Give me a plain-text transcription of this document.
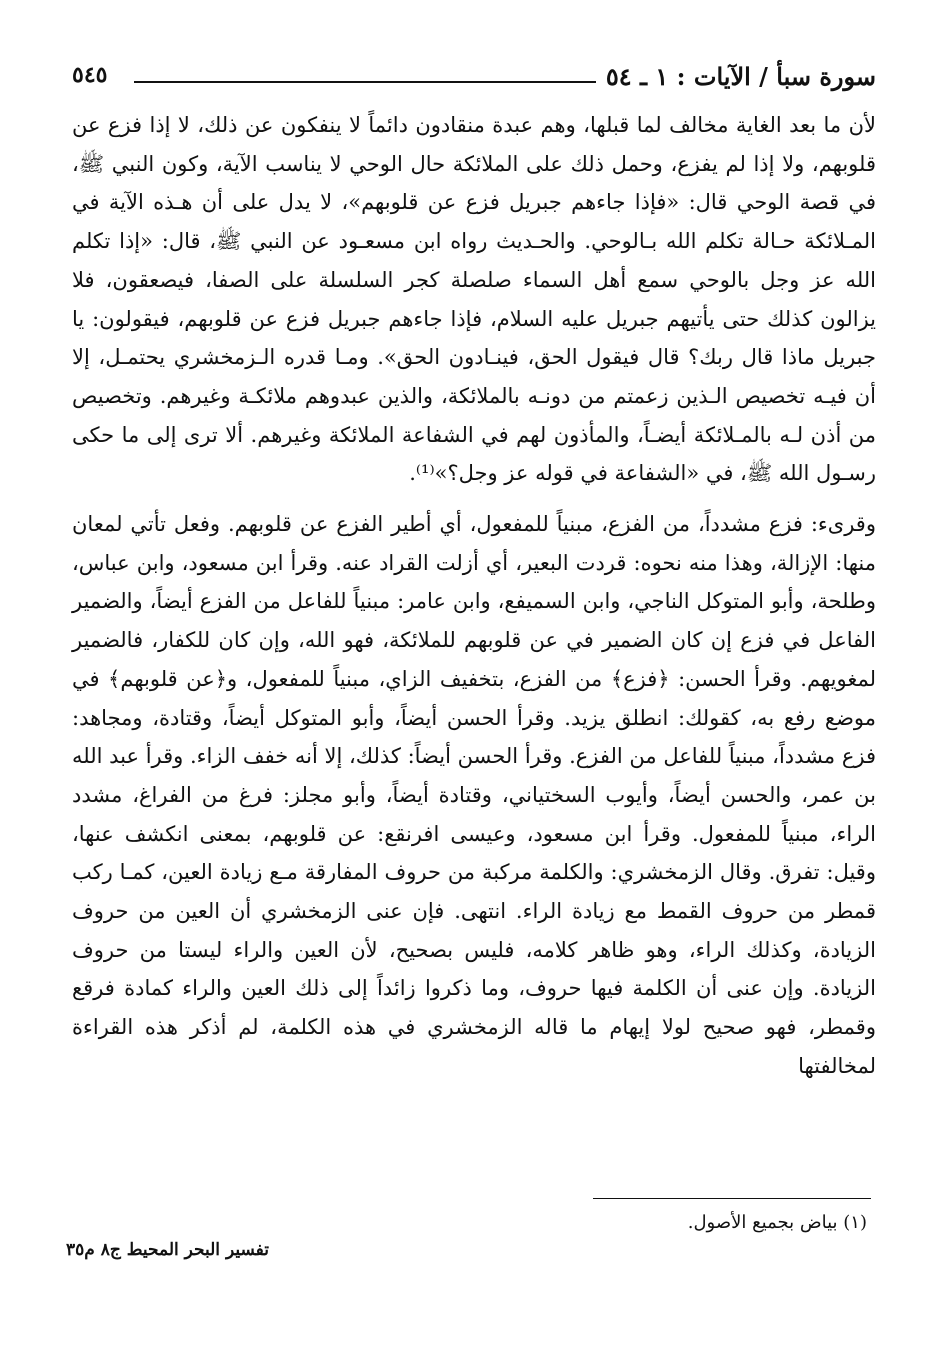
سورة سبأ / الآيات : ١ ـ ٥٤
٥٤٥

لأن ما بعد الغاية مخالف لما قبلها، وهم عبدة منقادون دائماً لا ينفكون عن ذلك، لا إذا فزع عن قلوبهم، ولا إذا لم يفزع، وحمل ذلك على الملائكة حال الوحي لا يناسب الآية، وكون النبي ﷺ، في قصة الوحي قال: «فإذا جاءهم جبريل فزع عن قلوبهم»، لا يدل على أن هـذه الآية في المـلائكة حـالة تكلم الله بـالوحي. والحـديث رواه ابن مسعـود عن النبي ﷺ، قال: «إذا تكلم الله عز وجل بالوحي سمع أهل السماء صلصلة كجر السلسلة على الصفا، فيصعقون، فلا يزالون كذلك حتى يأتيهم جبريل عليه السلام، فإذا جاءهم جبريل فزع عن قلوبهم، فيقولون: يا جبريل ماذا قال ربك؟ قال فيقول الحق، فينـادون الحق». ومـا قدره الـزمخشري يحتمـل، إلا أن فيـه تخصيص الـذين زعمتم من دونـه بالملائكة، والذين عبدوهم ملائكـة وغيرهم. وتخصيص من أذن لـه بالمـلائكة أيضـاً، والمأذون لهم في الشفاعة الملائكة وغيرهم. ألا ترى إلى ما حكى رسـول الله ﷺ، في «الشفاعة في قوله عز وجل؟»⁽¹⁾.

وقرىء: فزع مشدداً، من الفزع، مبنياً للمفعول، أي أطير الفزع عن قلوبهم. وفعل تأتي لمعان منها: الإزالة، وهذا منه نحوه: قردت البعير، أي أزلت القراد عنه. وقرأ ابن مسعود، وابن عباس، وطلحة، وأبو المتوكل الناجي، وابن السميفع، وابن عامر: مبنياً للفاعل من الفزع أيضاً، والضمير الفاعل في فزع إن كان الضمير في عن قلوبهم للملائكة، فهو الله، وإن كان للكفار، فالضمير لمغويهم. وقرأ الحسن: ﴿فزع﴾ من الفزع، بتخفيف الزاي، مبنياً للمفعول، و﴿عن قلوبهم﴾ في موضع رفع به، كقولك: انطلق يزيد. وقرأ الحسن أيضاً، وأبو المتوكل أيضاً، وقتادة، ومجاهد: فزع مشدداً، مبنياً للفاعل من الفزع. وقرأ الحسن أيضاً: كذلك، إلا أنه خفف الزاء. وقرأ عبد الله بن عمر، والحسن أيضاً، وأيوب السختياني، وقتادة أيضاً، وأبو مجلز: فرغ من الفراغ، مشدد الراء، مبنياً للمفعول. وقرأ ابن مسعود، وعيسى افرنقع: عن قلوبهم، بمعنى انكشف عنها، وقيل: تفرق. وقال الزمخشري: والكلمة مركبة من حروف المفارقة مـع زيادة العين، كمـا ركب قمطر من حروف القمط مع زيادة الراء. انتهى. فإن عنى الزمخشري أن العين من حروف الزيادة، وكذلك الراء، وهو ظاهر كلامه، فليس بصحيح، لأن العين والراء ليستا من حروف الزيادة. وإن عنى أن الكلمة فيها حروف، وما ذكروا زائداً إلى ذلك العين والراء كمادة فرقع وقمطر، فهو صحيح لولا إيهام ما قاله الزمخشري في هذه الكلمة، لم أذكر هذه القراءة لمخالفتها

(١) بياض بجميع الأصول.
تفسير البحر المحيط ج٨ م٣٥
